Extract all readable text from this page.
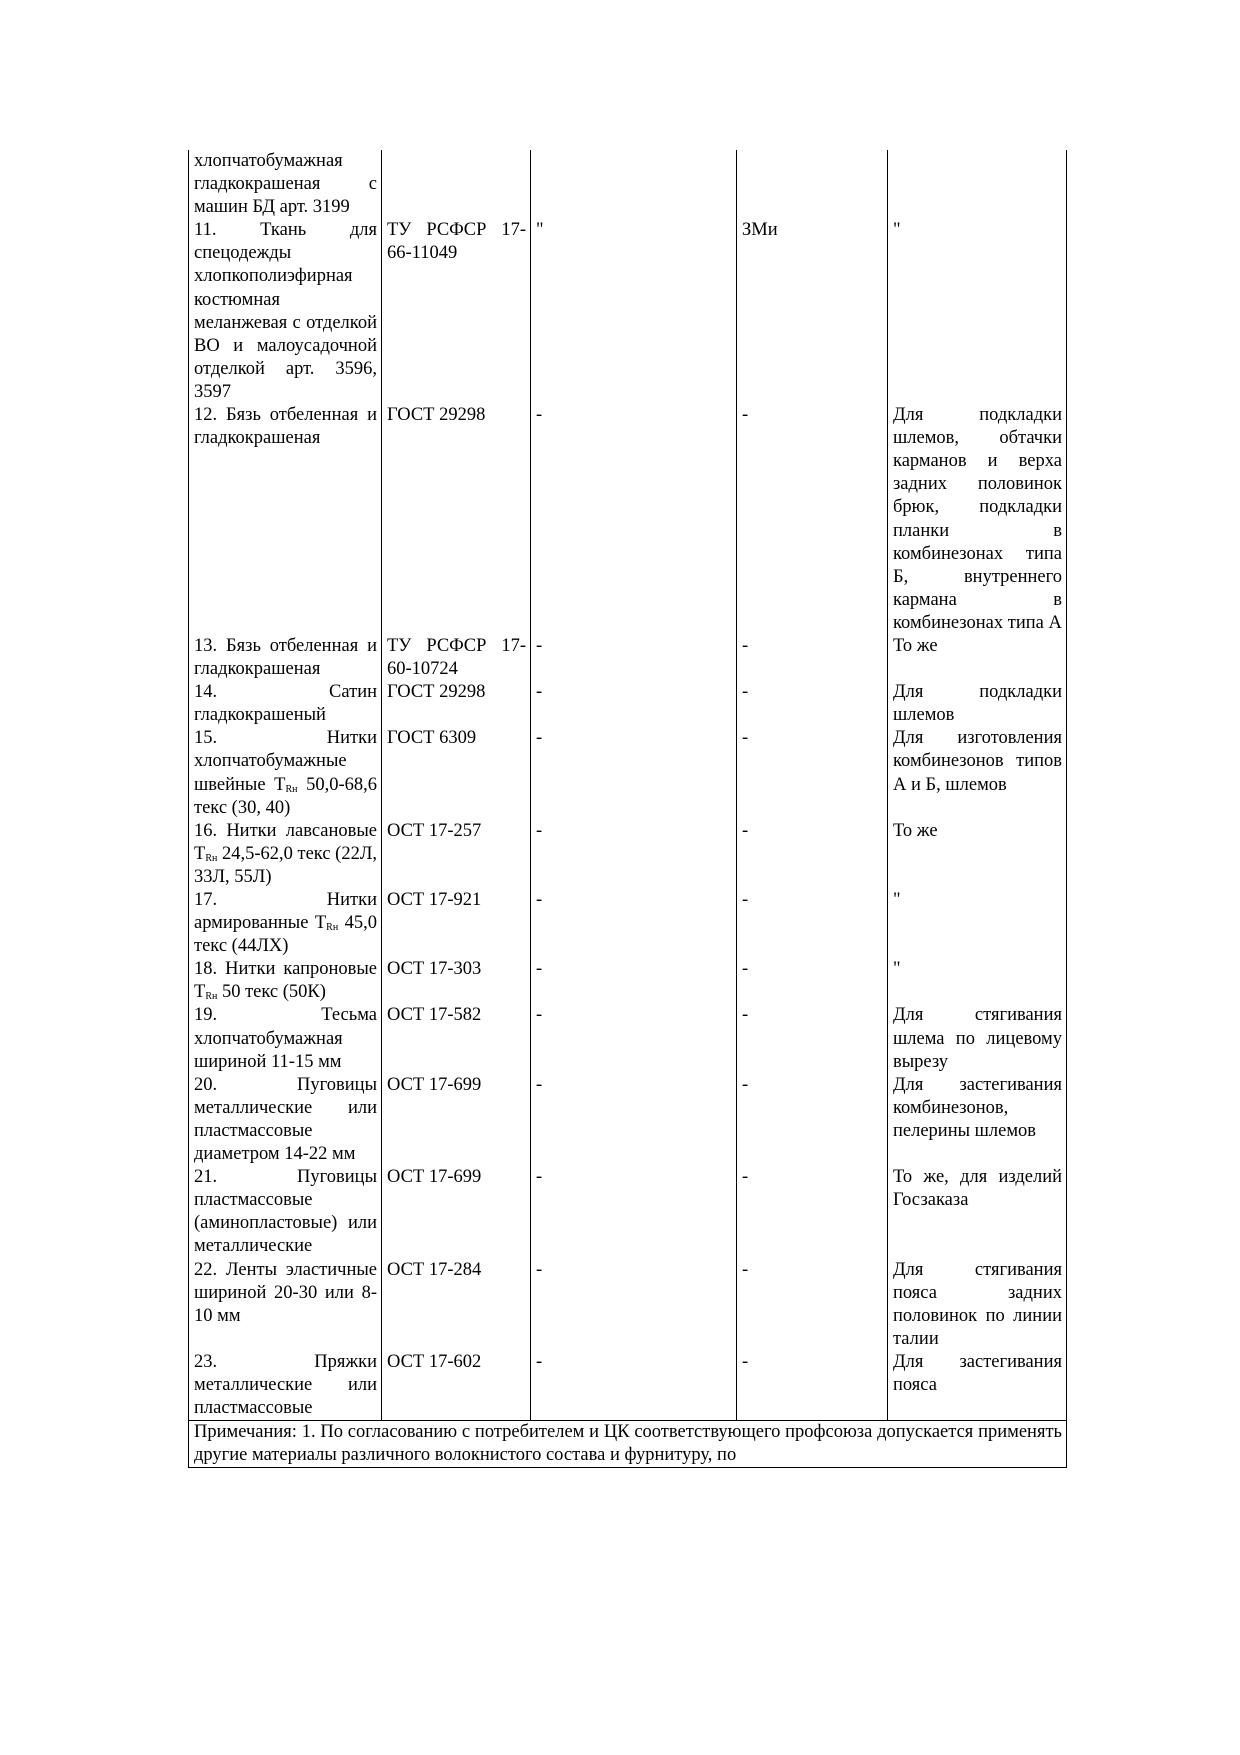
хлопчатобумажная гладкокрашеная с машин БД арт. 3199				
11. Ткань для спецодежды хлопкополиэфирная костюмная меланжевая с отделкой ВО и малоусадочной отделкой арт. 3596, 3597	ТУ РСФСР 17-66-11049	"	ЗМи	"
12. Бязь отбеленная и гладкокрашеная	ГОСТ 29298	-	-	Для подкладки шлемов, обтачки карманов и верха задних половинок брюк, подкладки планки в комбинезонах типа Б, внутреннего кармана в комбинезонах типа А
13. Бязь отбеленная и гладкокрашеная	ТУ РСФСР 17-60-10724	-	-	То же
14. Сатин гладкокрашеный	ГОСТ 29298	-	-	Для подкладки шлемов
15. Нитки хлопчатобумажные швейные $Т_{Rн}$ 50,0-68,6 текс (30, 40)	ГОСТ 6309	-	-	Для изготовления комбинезонов типов А и Б, шлемов
16. Нитки лавсановые $Т_{Rн}$ 24,5-62,0 текс (22Л, 33Л, 55Л)	ОСТ 17-257	-	-	То же
17. Нитки армированные $Т_{Rн}$ 45,0 текс (44ЛХ)	ОСТ 17-921	-	-	"
18. Нитки капроновые $Т_{Rн}$ 50 текс (50К)	ОСТ 17-303	-	-	"
19. Тесьма хлопчатобумажная шириной 11-15 мм	ОСТ 17-582	-	-	Для стягивания шлема по лицевому вырезу
20. Пуговицы металлические или пластмассовые диаметром 14-22 мм	ОСТ 17-699	-	-	Для застегивания комбинезонов, пелерины шлемов
21. Пуговицы пластмассовые (аминопластовые) или металлические	ОСТ 17-699	-	-	То же, для изделий Госзаказа
22. Ленты эластичные шириной 20-30 или 8-10 мм	ОСТ 17-284	-	-	Для стягивания пояса задних половинок по линии талии
23. Пряжки металлические или пластмассовые	ОСТ 17-602	-	-	Для застегивания пояса

Примечания: 1. По согласованию с потребителем и ЦК соответствующего профсоюза допускается применять другие материалы различного волокнистого состава и фурнитуру, по				
